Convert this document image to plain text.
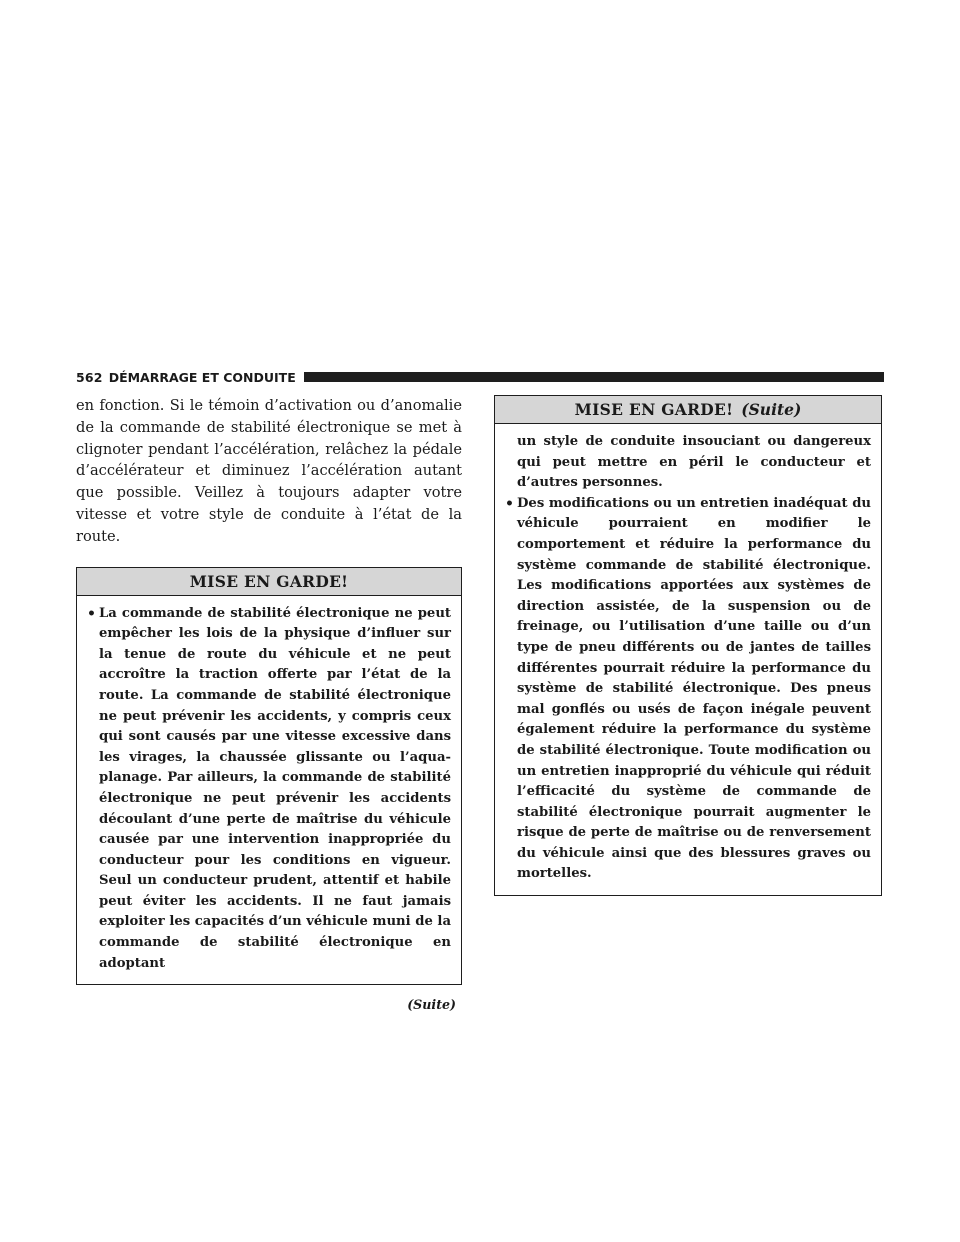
562 DÉMARRAGE ET CONDUITE

en fonction. Si le témoin d’activation ou d’anomalie de la commande de stabilité électronique se met à clignoter pendant l’accélération, relâchez la pédale d’accélérateur et diminuez l’accélération autant que possible. Veillez à toujours adapter votre vitesse et votre style de conduite à l’état de la route.

MISE EN GARDE!
• La commande de stabilité électronique ne peut empêcher les lois de la physique d’influer sur la tenue de route du véhicule et ne peut accroître la traction offerte par l’état de la route. La commande de stabilité électronique ne peut prévenir les accidents, y compris ceux qui sont causés par une vitesse excessive dans les virages, la chaussée glissante ou l’aquaplanage. Par ailleurs, la commande de stabilité électronique ne peut prévenir les accidents découlant d’une perte de maîtrise du véhicule causée par une intervention inappropriée du conducteur pour les conditions en vigueur. Seul un conducteur prudent, attentif et habile peut éviter les accidents. Il ne faut jamais exploiter les capacités d’un véhicule muni de la commande de stabilité électronique en adoptant

(Suite)
MISE EN GARDE! (Suite)

un style de conduite insouciant ou dangereux qui peut mettre en péril le conducteur et d’autres personnes.

• Des modifications ou un entretien inadéquat du véhicule pourraient en modifier le comportement et réduire la performance du système commande de stabilité électronique. Les modifications apportées aux systèmes de direction assistée, de la suspension ou de freinage, ou l’utilisation d’une taille ou d’un type de pneu différents ou de jantes de tailles différentes pourrait réduire la performance du système de stabilité électronique. Des pneus mal gonflés ou usés de façon inégale peuvent également réduire la performance du système de stabilité électronique. Toute modification ou un entretien inapproprié du véhicule qui réduit l’efficacité du système de commande de stabilité électronique pourrait augmenter le risque de perte de maîtrise ou de renversement du véhicule ainsi que des blessures graves ou mortelles.
